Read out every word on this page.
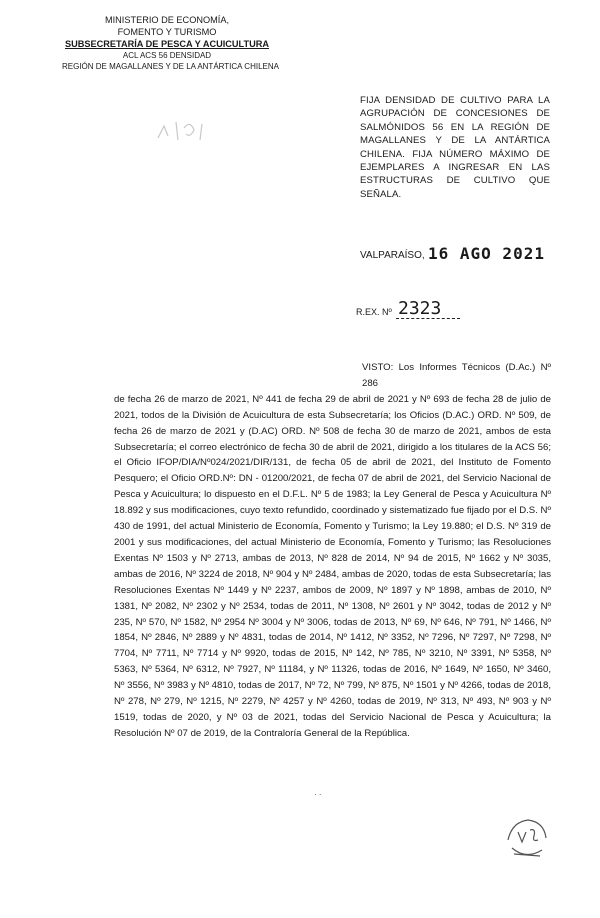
MINISTERIO DE ECONOMÍA,
FOMENTO Y TURISMO
SUBSECRETARÍA DE PESCA Y ACUICULTURA
ACL ACS 56 DENSIDAD
REGIÓN DE MAGALLANES Y DE LA ANTÁRTICA CHILENA
FIJA DENSIDAD DE CULTIVO PARA LA AGRUPACIÓN DE CONCESIONES DE SALMÓNIDOS 56 EN LA REGIÓN DE MAGALLANES Y DE LA ANTÁRTICA CHILENA. FIJA NÚMERO MÁXIMO DE EJEMPLARES A INGRESAR EN LAS ESTRUCTURAS DE CULTIVO QUE SEÑALA.
VALPARAÍSO, 16 AGO 2021
R.EX. Nº 2323
VISTO: Los Informes Técnicos (D.Ac.) Nº 286
de fecha 26 de marzo de 2021, Nº 441 de fecha 29 de abril de 2021 y Nº 693 de fecha 28 de julio de 2021, todos de la División de Acuicultura de esta Subsecretaría; los Oficios (D.AC.) ORD. Nº 509, de fecha 26 de marzo de 2021 y (D.AC) ORD. Nº 508 de fecha 30 de marzo de 2021, ambos de esta Subsecretaría; el correo electrónico de fecha 30 de abril de 2021, dirigido a los titulares de la ACS 56; el Oficio IFOP/DIA/Nº024/2021/DIR/131, de fecha 05 de abril de 2021, del Instituto de Fomento Pesquero; el Oficio ORD.Nº: DN - 01200/2021, de fecha 07 de abril de 2021, del Servicio Nacional de Pesca y Acuicultura; lo dispuesto en el D.F.L. Nº 5 de 1983; la Ley General de Pesca y Acuicultura Nº 18.892 y sus modificaciones, cuyo texto refundido, coordinado y sistematizado fue fijado por el D.S. Nº 430 de 1991, del actual Ministerio de Economía, Fomento y Turismo; la Ley 19.880; el D.S. Nº 319 de 2001 y sus modificaciones, del actual Ministerio de Economía, Fomento y Turismo; las Resoluciones Exentas Nº 1503 y Nº 2713, ambas de 2013, Nº 828 de 2014, Nº 94 de 2015, Nº 1662 y Nº 3035, ambas de 2016, Nº 3224 de 2018, Nº 904 y Nº 2484, ambas de 2020, todas de esta Subsecretaría; las Resoluciones Exentas Nº 1449 y Nº 2237, ambos de 2009, Nº 1897 y Nº 1898, ambas de 2010, Nº 1381, Nº 2082, Nº 2302 y Nº 2534, todas de 2011, Nº 1308, Nº 2601 y Nº 3042, todas de 2012 y Nº 235, Nº 570, Nº 1582, Nº 2954 Nº 3004 y Nº 3006, todas de 2013, Nº 69, Nº 646, Nº 791, Nº 1466, Nº 1854, Nº 2846, Nº 2889 y Nº 4831, todas de 2014, Nº 1412, Nº 3352, Nº 7296, Nº 7297, Nº 7298, Nº 7704, Nº 7711, Nº 7714 y Nº 9920, todas de 2015, Nº 142, Nº 785, Nº 3210, Nº 3391, Nº 5358, Nº 5363, Nº 5364, Nº 6312, Nº 7927, Nº 11184, y Nº 11326, todas de 2016, Nº 1649, Nº 1650, Nº 3460, Nº 3556, Nº 3983 y Nº 4810, todas de 2017, Nº 72, Nº 799, Nº 875, Nº 1501 y Nº 4266, todas de 2018, Nº 278, Nº 279, Nº 1215, Nº 2279, Nº 4257 y Nº 4260, todas de 2019, Nº 313, Nº 493, Nº 903 y Nº 1519, todas de 2020, y Nº 03 de 2021, todas del Servicio Nacional de Pesca y Acuicultura; la Resolución Nº 07 de 2019, de la Contraloría General de la República.
· ·
